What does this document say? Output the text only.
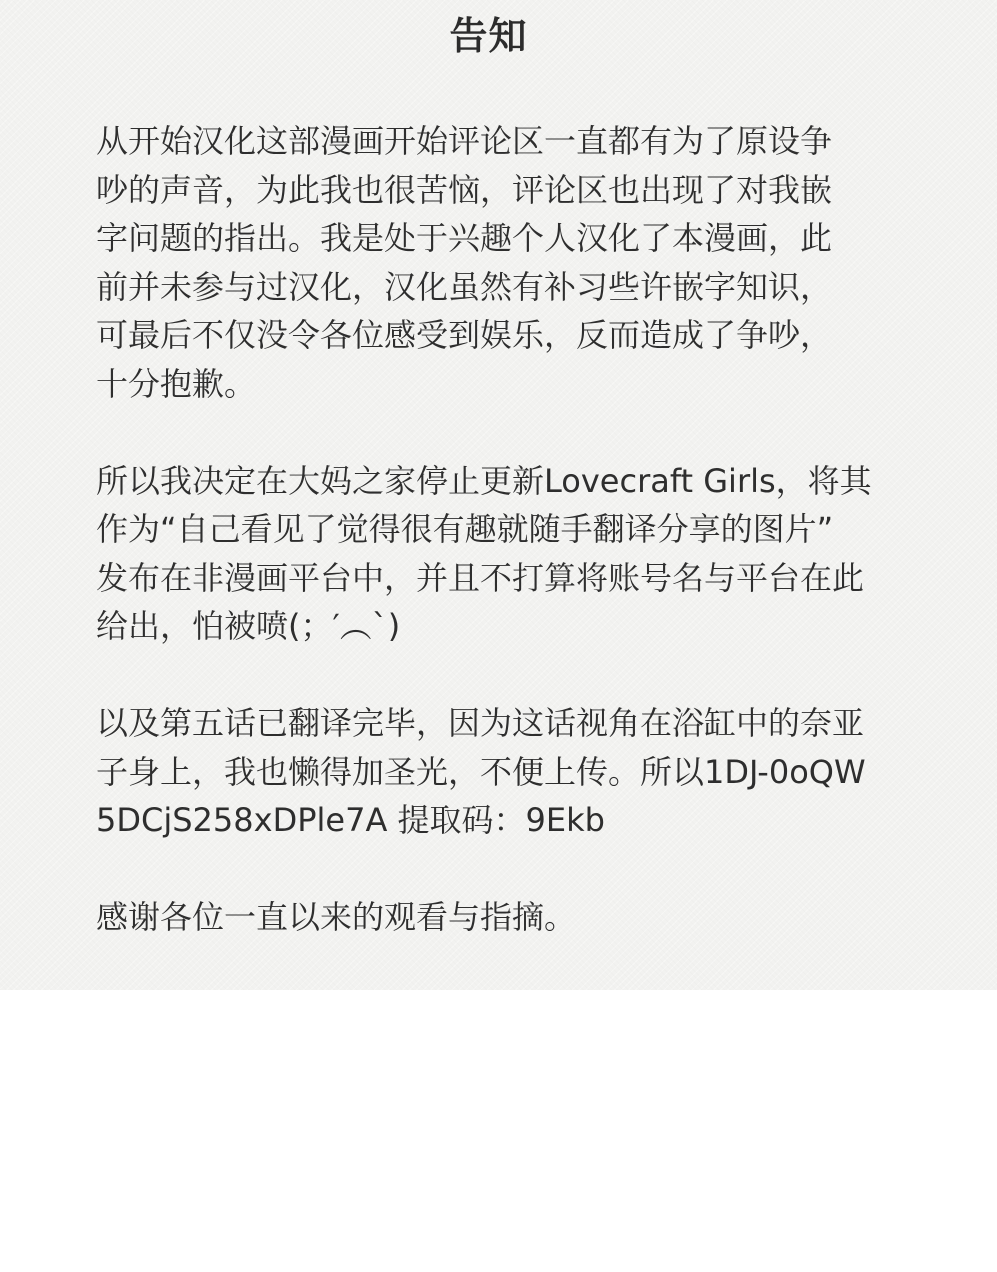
告知

从开始汉化这部漫画开始评论区一直都有为了原设争
吵的声音，为此我也很苦恼，评论区也出现了对我嵌
字问题的指出。我是处于兴趣个人汉化了本漫画，此
前并未参与过汉化，汉化虽然有补习些许嵌字知识，
可最后不仅没令各位感受到娱乐，反而造成了争吵，
十分抱歉。

所以我决定在大妈之家停止更新Lovecraft Girls，将其
作为“自己看见了觉得很有趣就随手翻译分享的图片”
发布在非漫画平台中，并且不打算将账号名与平台在此
给出，怕被喷(；′︵`)

以及第五话已翻译完毕，因为这话视角在浴缸中的奈亚
子身上，我也懒得加圣光，不便上传。所以1DJ-0oQW
5DCjS258xDPle7A 提取码：9Ekb

感谢各位一直以来的观看与指摘。
